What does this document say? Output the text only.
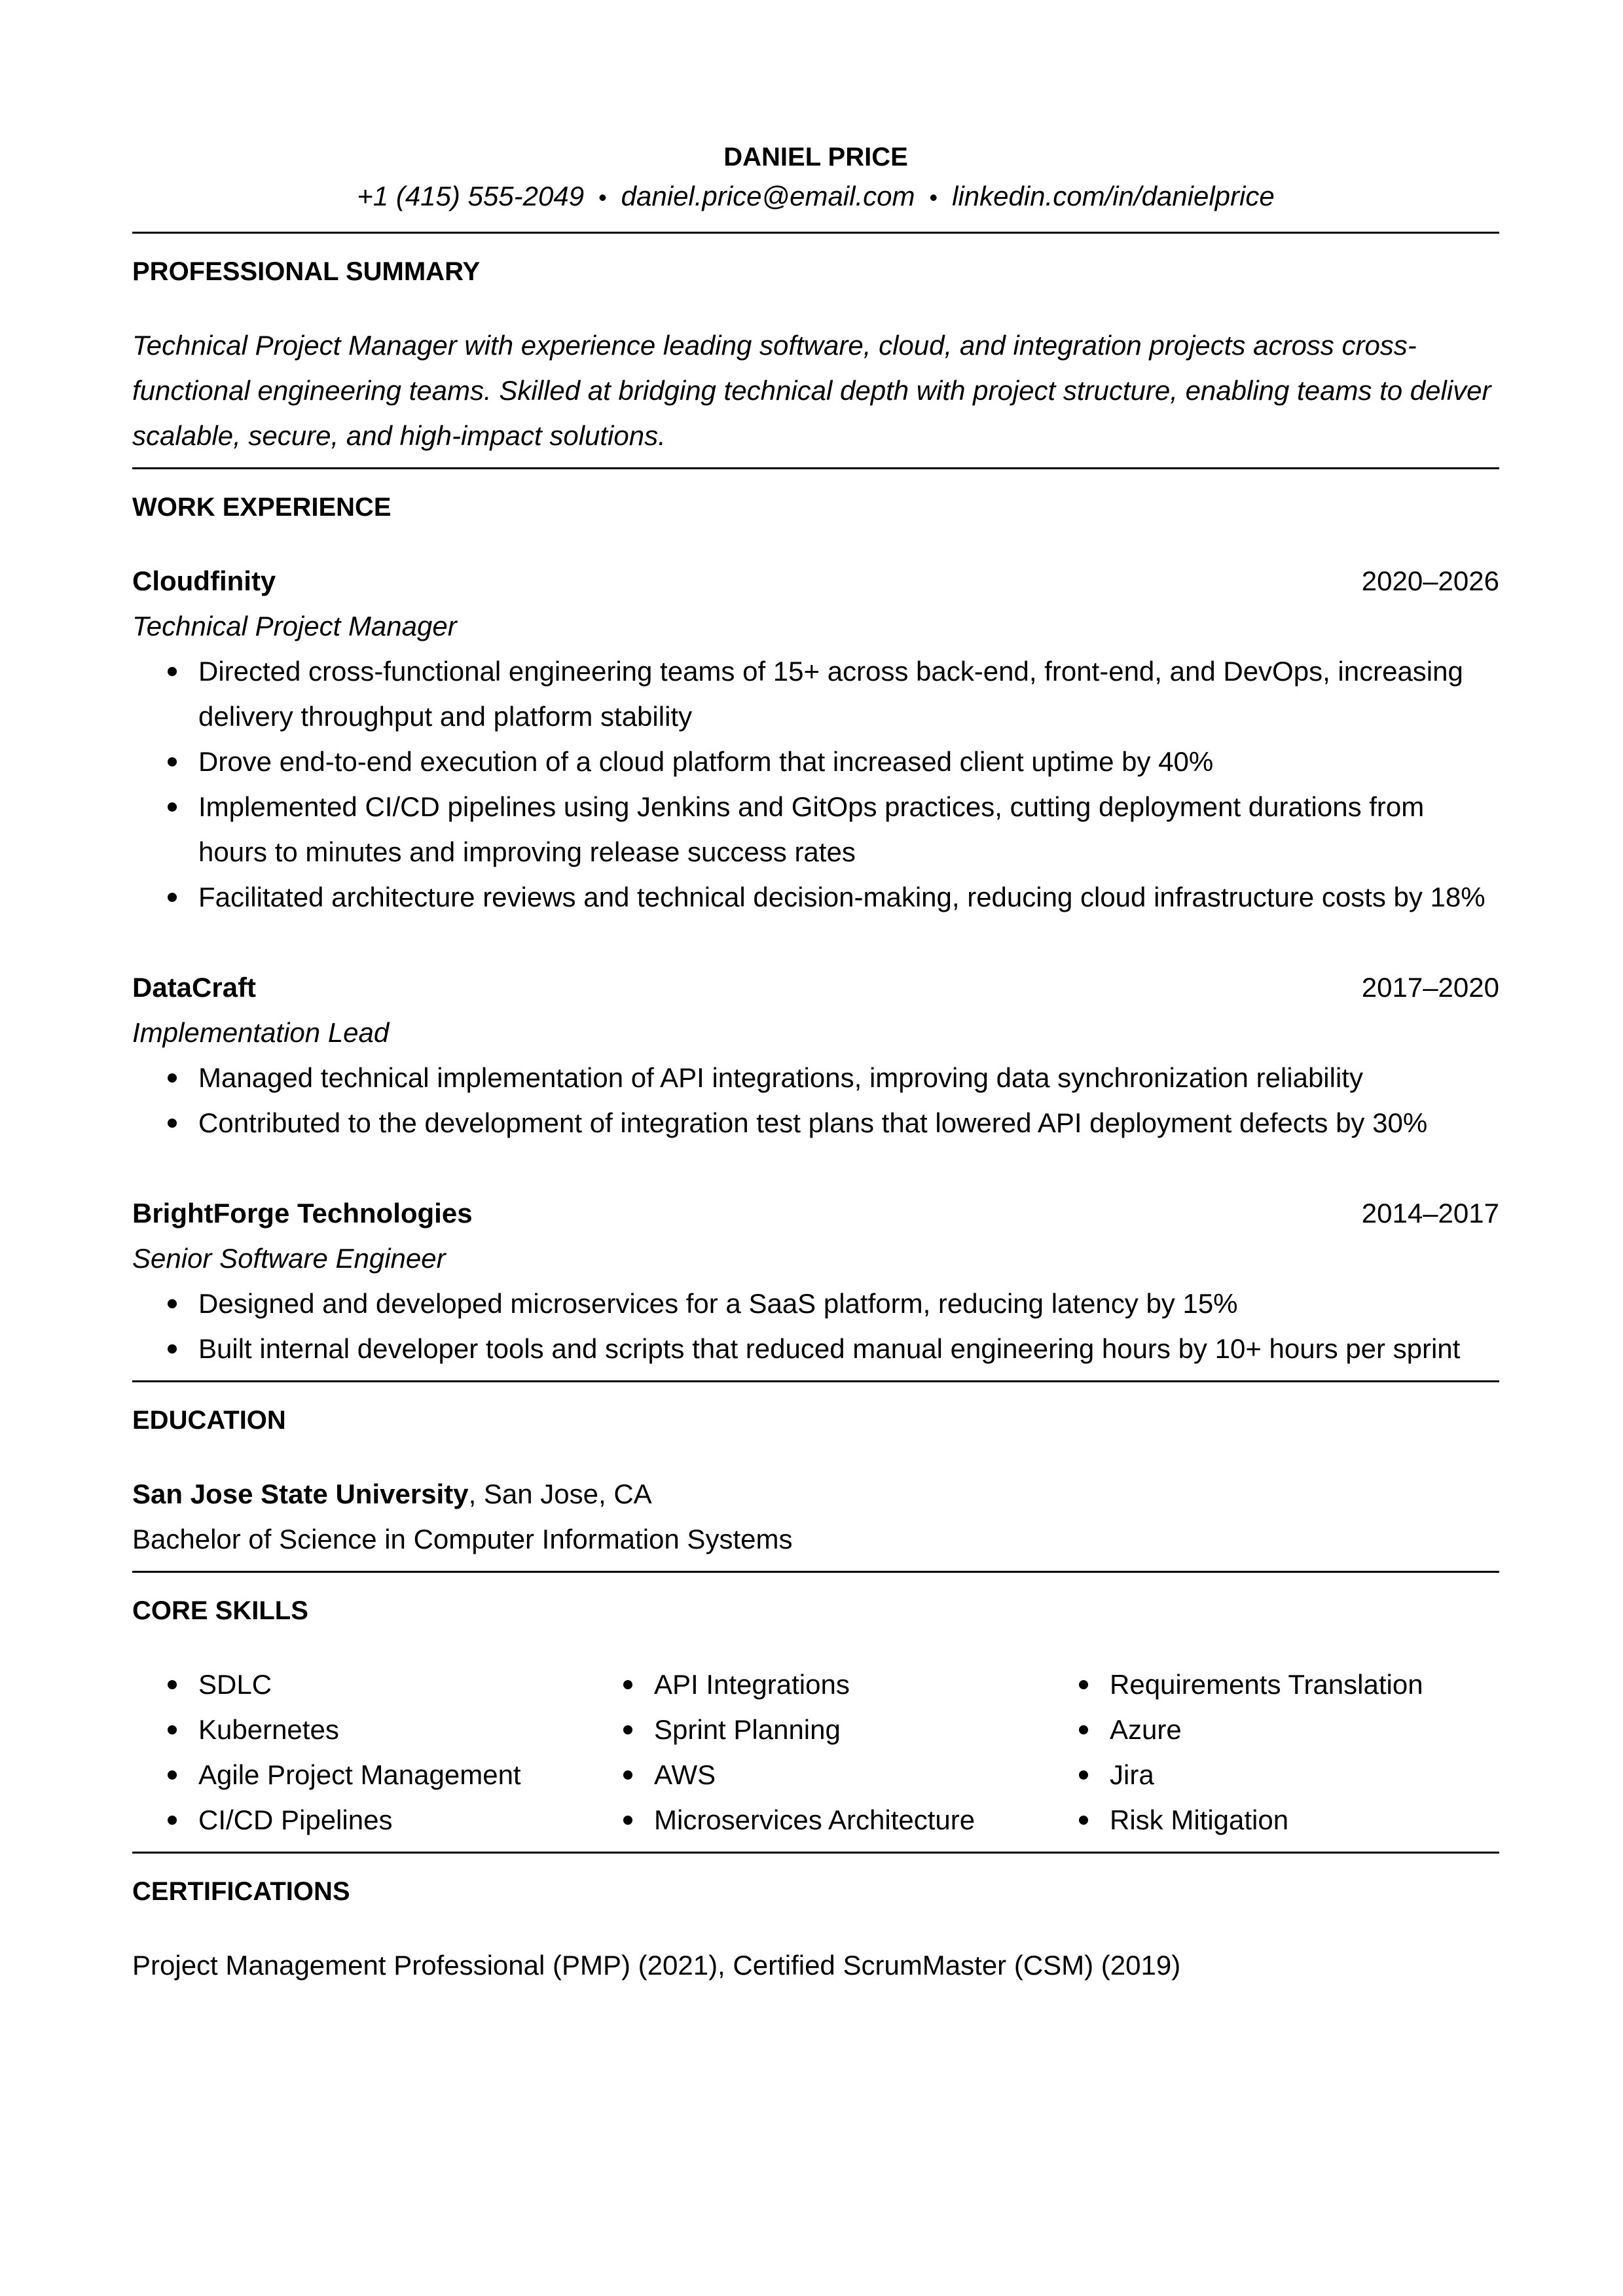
DANIEL PRICE
+1 (415) 555-2049 • daniel.price@email.com • linkedin.com/in/danielprice
PROFESSIONAL SUMMARY
Technical Project Manager with experience leading software, cloud, and integration projects across cross-functional engineering teams. Skilled at bridging technical depth with project structure, enabling teams to deliver scalable, secure, and high-impact solutions.
WORK EXPERIENCE
Cloudfinity	2020–2026
Technical Project Manager
Directed cross-functional engineering teams of 15+ across back-end, front-end, and DevOps, increasing delivery throughput and platform stability
Drove end-to-end execution of a cloud platform that increased client uptime by 40%
Implemented CI/CD pipelines using Jenkins and GitOps practices, cutting deployment durations from hours to minutes and improving release success rates
Facilitated architecture reviews and technical decision-making, reducing cloud infrastructure costs by 18%
DataCraft	2017–2020
Implementation Lead
Managed technical implementation of API integrations, improving data synchronization reliability
Contributed to the development of integration test plans that lowered API deployment defects by 30%
BrightForge Technologies	2014–2017
Senior Software Engineer
Designed and developed microservices for a SaaS platform, reducing latency by 15%
Built internal developer tools and scripts that reduced manual engineering hours by 10+ hours per sprint
EDUCATION
San Jose State University, San Jose, CA
Bachelor of Science in Computer Information Systems
CORE SKILLS
SDLC
Kubernetes
Agile Project Management
CI/CD Pipelines
API Integrations
Sprint Planning
AWS
Microservices Architecture
Requirements Translation
Azure
Jira
Risk Mitigation
CERTIFICATIONS
Project Management Professional (PMP) (2021), Certified ScrumMaster (CSM) (2019)
